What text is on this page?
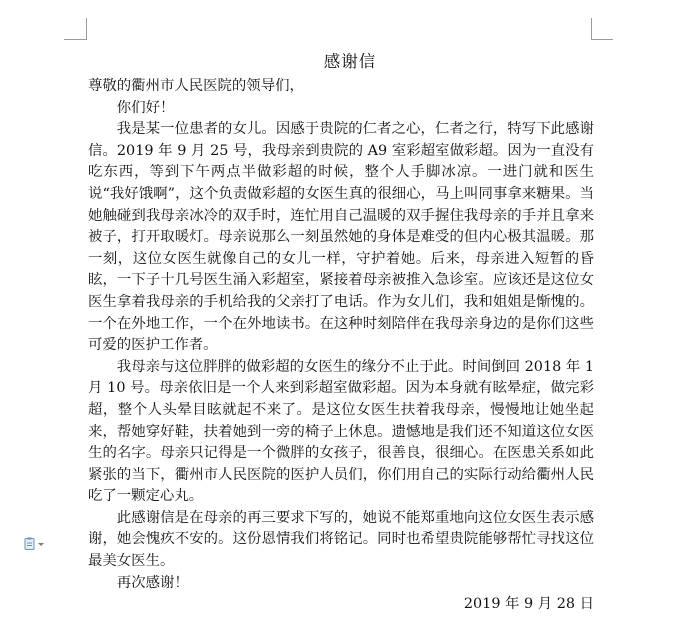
感谢信

尊敬的衢州市人民医院的领导们，

你们好！

我是某一位患者的女儿。因感于贵院的仁者之心，仁者之行，特写下此感谢信。2019 年 9 月 25 号，我母亲到贵院的 A9 室彩超室做彩超。因为一直没有吃东西，等到下午两点半做彩超的时候，整个人手脚冰凉。一进门就和医生说“我好饿啊”，这个负责做彩超的女医生真的很细心，马上叫同事拿来糖果。当她触碰到我母亲冰冷的双手时，连忙用自己温暖的双手握住我母亲的手并且拿来被子，打开取暖灯。母亲说那么一刻虽然她的身体是难受的但内心极其温暖。那一刻，这位女医生就像自己的女儿一样，守护着她。后来，母亲进入短暂的昏眩，一下子十几号医生涌入彩超室，紧接着母亲被推入急诊室。应该还是这位女医生拿着我母亲的手机给我的父亲打了电话。作为女儿们，我和姐姐是惭愧的。一个在外地工作，一个在外地读书。在这种时刻陪伴在我母亲身边的是你们这些可爱的医护工作者。

我母亲与这位胖胖的做彩超的女医生的缘分不止于此。时间倒回 2018 年 1 月 10 号。母亲依旧是一个人来到彩超室做彩超。因为本身就有眩晕症，做完彩超，整个人头晕目眩就起不来了。是这位女医生扶着我母亲，慢慢地让她坐起来，帮她穿好鞋，扶着她到一旁的椅子上休息。遗憾地是我们还不知道这位女医生的名字。母亲只记得是一个微胖的女孩子，很善良，很细心。在医患关系如此紧张的当下，衢州市人民医院的医护人员们，你们用自己的实际行动给衢州人民吃了一颗定心丸。

此感谢信是在母亲的再三要求下写的，她说不能郑重地向这位女医生表示感谢，她会愧疚不安的。这份恩情我们将铭记。同时也希望贵院能够帮忙寻找这位最美女医生。

再次感谢！

2019 年 9 月 28 日
